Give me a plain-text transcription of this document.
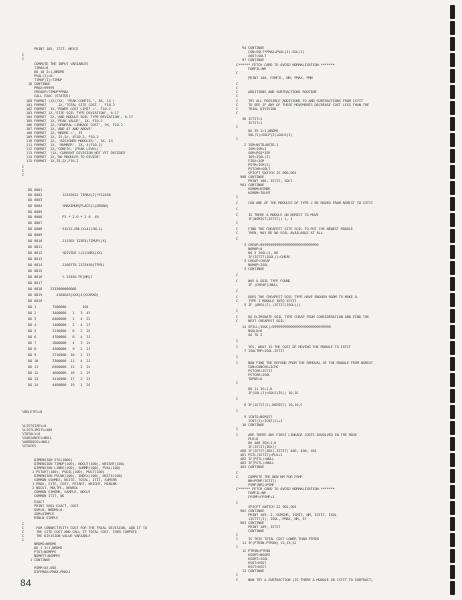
PRINT 105, ITIT, NRTCE
C
C
COMPUTE THE INPUT VARIABLES
TIMAX=0
DO 10 I=1,NRDMS
PVAL(I)=0.
TIMUP(I)=TIMUP
10 CONTINUE
PMAX=99999
FREQUP=TIMUP*PMAX
CALL EXAC (STATUS)
100 FORMAT (1X//2X, 'PEAK CONFIG.', 8X, 14 )
101 FORMAT      1X,'TOTAL SITE COST.', F10.2
102 FORMAT  1X,'POWER COST LIMIT =', F10.2
103 FORMAT 1X,'SITE SOIL TYPE DEVIATION', 6.17
104 FORMAT  2X,'AND MODULE SOIL TYPE DEVIATION', 6.17
105 FORMAT  1X,'PEAK VALUE', 1X, F10.2
106 FORMAT  1X,'GENERAL LINKAGE COST', 9X, F10.2
107 FORMAT  1X,'AND AT AND ABOVE'
108 FORMAT  1X,'NRDMS =', I5
109 FORMAT  1X, I5,2X, 4F10.2, F10.2
110 FORMAT  1X, 'ASSIGNED MODULES:', 5X, I4
111 FORMAT  1X, 'NUMBER', 2X, 4(F10.2)
112 FORMAT  1X,'CONFIG. (PEAK LEVEL)'
113 FORMAT  (1X,'CURRENT DIVISION NOT YET DECIDED'
114 FORMAT  1X,'NO MODULES TO DIVIDE'
115 FORMAT  1X,I5,2X,F10.2
C
C
C
DO 0001
DO 0002          12345612 TIMAX(I)*F12456
DO 0003
DO 0004          %MAXIMUM(PLACE)%(DEBAN)
DO 0005
DO 0006          PI * 2.0 * 2 6  49
DO 0007
DO 0008          51X12,ENL(X+4)(GN,1)
DO 0009
DO 0010          211202 123E5(TIMUP)(X)
DO 0011
DO 0012          %DIVIDE %(2)%NEX(XX)
DO 0013
DO 0014          2100778 2123456(TTM1)
DO 0015
DO 0016          % 13456 PE(NM)2
DO 0017
DO 0018    2333000000008
DO 0019       4104043(XXX)4(XXXRX0)
DO 0020
DO 1        TX06000        104
DO 2        3400000   1   3  49
DO 3        8400000   1   4  22
DO 4        1400000   2   4  23
DO 5        2130000   6   2  20
DO 6        4700000   8   4  31
DO 7        2800000   4   3  24
DO 8        4500000   9   2  21
DO 9        2710000  10   2  19
DO 10       2300000  11   4  22
DO 11       6400000  13   2  24
DO 12       4600000  16   2  29
DO 13       3410000  17   2  25
DO 14       4400000  19   1  20
%DELETE%=0
%LISTSIZE%=0
%LISTLIMIT%=400
%TOTAL%=0
%VARIANCE%=NULL
%ADDDOGS%=NULL
%STACK%
DIMENSION STA(1000)
DIMENSION TIMUP(100), NOCUT(100), WEIGHT(100)
DIMENSION LINKS(100), SUMMR(100), PVAL(100)
1 PSTART(100), PSOIL(100), MULT(100)
DIMENSION PVLNK(100), INDEX(100), NSITE(100)
COMMON SSHMEX, NSITE, TOTAL, ITIT, SUMCHR
1 PMAX, SITE, COST, PSTART, WEIGHT, MINLNK
2 NOCUT, MULTPL, NEWSOL
COMMON SIMSMK, SAMPLE, NOCUT
COMMON ITIT, NO
EXACT
PRINT 5001 EXACT, COST
SUM=0, NRDMS=0
SUM=SIMPLE
MINLN SIMPLE
C
C      FOR CONNECTIVITY COST FOR THE TRIAL DIVISION, ADD IT TO
C      THE SITE COST AND CALL IT TOTAL COST. THEN COMPUTE
C      THE DIVISION VALUE VARIABLE
C
NRDMS=NRDMS
DO 1 I=1,NRDMS
PTOT=NSMPPG
NSMMTT=NSMPPG
1 CONTINUE
PSMP=5X,050
DIFPMAX=PMAX-PMAX1
94 CONTINUE
CON=SOLT*PMAX+PVAL(I)-SOL(I)
XOUT=SOLT
97 CONTINUE
C****** FETCH CARD TO AVOID NORMALIZATION *******
FOMFIL=NM
C
PRINT 100, FSMFIL, NM, PMAX, PMN
C
C
C     ADDITIONS AND SUBTRACTIONS ROUTINE
C
C     TRY ALL POSSIBLE ADDITIONS TO AND SUBTRACTIONS FROM ISTIT
C     TO SEE IF ANY OF THESE MOVEMENTS DECREASE COST LESS THAN THE
C     TRIAL DIVISION
C
38 ISTIT=1
ISTIT=1
C
DO 39 I=1,NRDMS
SOL(I)=SOLP(I)+SOLS(I)
C
2 ISM=NSTD+NSTD-1
ISM=ISM+1
SDM=PSQ*ISM
IDS=ISOL(I)
FIDX=ISM
PSTM=ISM(I)
PSTCHR=SOLT
SPICPT SWITCH IS 900,901
900 CONTINUE
PRINT 108, ISTIT, SOLT
901 CONTINUE
KSMDM=KSMDM
KSMDM=TOLMT
C
C     CAN ONE OF THE MODULES OF TYPE J BE MOVED FROM NSMIST TO ISTIT
C
C     IS THERE A MODULE ON NSMIST TO MOVE
IF(NSMIST(ISTIT)) 1, 1
C
C     FIND THE CHEAPEST SITE SOIL TO PUT THE NEWEST MODULE
C     THEN, MAY BE NO SOIL AVAILABLE AT ALL
C
3 CHEAP=99999999999999999999999999999
NUMAP=0
DO 3 ISOL=1, NS
IF(ISTIT(ISOL))=CHEAP
3 CHEAP=CHEAP
NUMAP=ISOL
3 CONTINUE
C
C     WAS A SOIL TYPE FOUND
IF (CHEAP)=NULL
C
C     DOES THE CHEAPEST SOIL TYPE HAVE ENOUGH ROOM TO MAKE A
C     TYPE I MODULE INTO ISTIT
5 IF (AREA(I)-(ISTIT(ISOL)))
C
C     DO ELIMINATE SOIL TYPE CHEAP FROM CONSIDERATION AND FIND THE
C     NEXT CHEAPEST SOIL
14 SPILL(ISOL)=99999999999999999999999999999
NSOLD=0
GO TO 3
C
C     YES, WHAT IS THE COST OF MOVING THE MODULE TO ISTIT
7 ISOLTMP=ISOL-ISTIT
C
C     NOW FIND THE REFUND FROM THE REMOVAL OF THE MODULE FROM NSMIST
CON=CONCHG+ICHG
PSTCHR=ISTIT
PSTCHR=ISOL
TOPDE=0
C
DO 11 IS=1,N
IF(SOL(I)>SOLS(IS)) 10,10
C
8 IF(ISTIT(I)-NSMIST) 10,10,9
C
9 ICNTS=NSMIST
ICNT(I)=ICNT(I)+1
10 CONTINUE
C
C     ARE THERE ANY FIRST LINKAGE COSTS INVOLVED IN THE MOVE
PLK=0
DO 400 IDX=1,N
IF(ISTIT(IDX))
400 IF(ISTIT(IDX)-ISTIT) 400, 400, 401
401 PSTL(ISTIT)=PLK+1
402 IF(PSTL)=NULL
403 IF(PSTL)=NULL
404 CONTINUE
C
C     COMPUTE THE NEW NM FOR PSMP
NM=PSMP(ISTIT)
PSMP(NM)=PSMP
C****** FETCH CARD TO AVOID NORMALIZATION *******
FOMFIL=NM
FPSMP=FPSMP+1
C
SPICPT SWITCH 22 902,903
902 CONTINUE
PRINT 109, I, SUMCHR, ISMIT, NM, ISTIT, ISOL
1ISTIT(I), ISOL, PMAX, NM, IS
903 CONTINUE
PRINT 109, ISTIT
CONTINUE
C
C     IS THIS TOTAL COST LOWER THAN PTMIN
11 IF(PTMIN-PTMIN) 13,13,12
C
12 PTMIN=PTMIN
KSOMT=NSOMT
KSOMT=ISOL
KSOT=KSOT
KSST=KSST
13 CONTINUE
C
C     NOW TRY A SUBTRACTION (IS THERE A MODULE IN ISTIT TO SUBTRACT)
84
